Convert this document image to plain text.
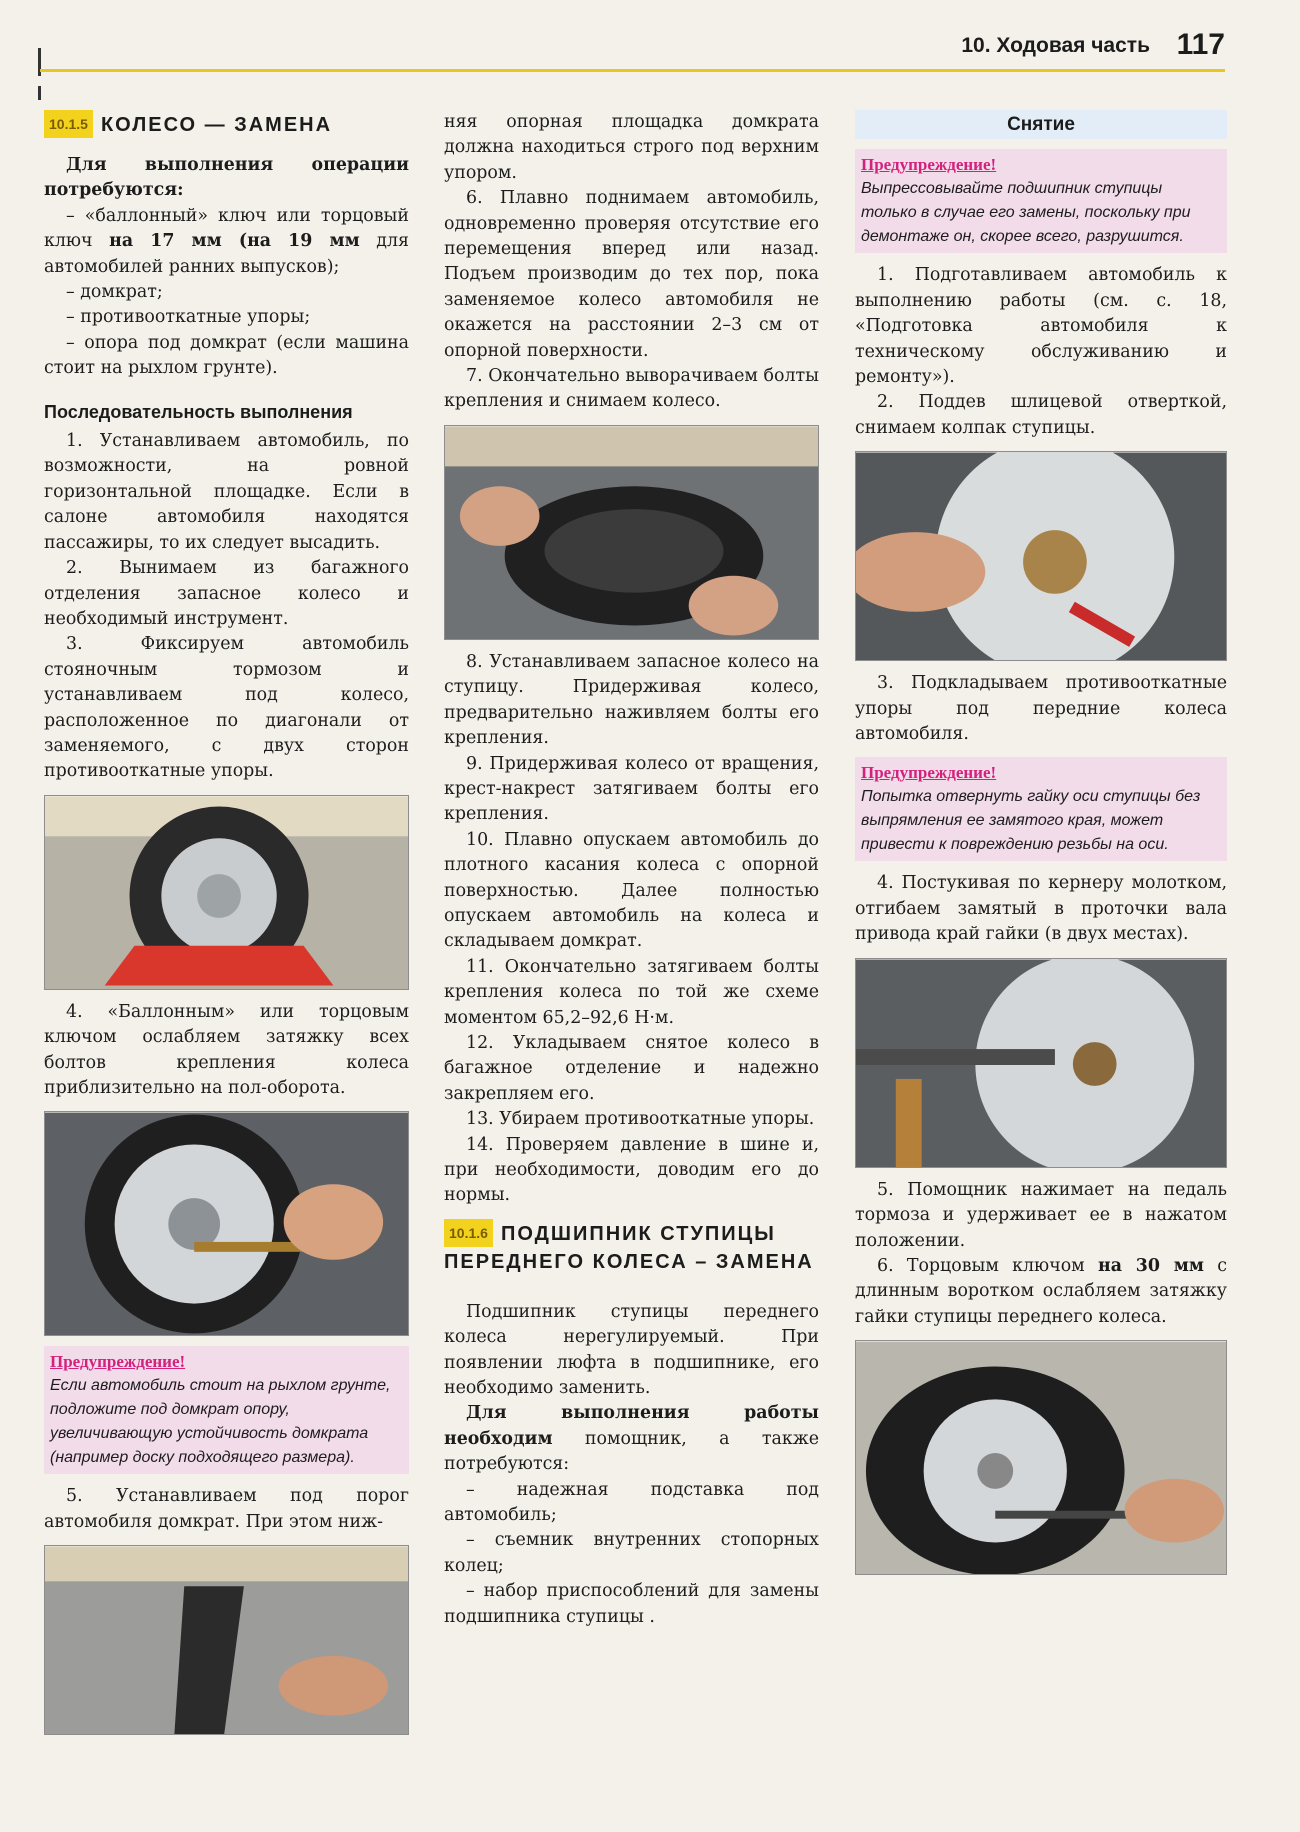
10. Ходовая часть 117
10.1.5 КОЛЕСО — ЗАМЕНА

Для выполнения операции потребуются:

– «баллонный» ключ или торцовый ключ на 17 мм (на 19 мм для автомобилей ранних выпусков);

– домкрат;

– противооткатные упоры;

– опора под домкрат (если машина стоит на рыхлом грунте).

Последовательность выполнения

1. Устанавливаем автомобиль, по возможности, на ровной горизонтальной площадке. Если в салоне автомобиля находятся пассажиры, то их следует высадить.

2. Вынимаем из багажного отделения запасное колесо и необходимый инструмент.

3. Фиксируем автомобиль стояночным тормозом и устанавливаем под колесо, расположенное по диагонали от заменяемого, с двух сторон противооткатные упоры.

4. «Баллонным» или торцовым ключом ослабляем затяжку всех болтов крепления колеса приблизительно на пол-оборота.

Предупреждение!
Если автомобиль стоит на рыхлом грунте, подложите под домкрат опору, увеличивающую устойчивость домкрата (например доску подходящего размера).

5. Устанавливаем под порог автомобиля домкрат. При этом ниж-

няя опорная площадка домкрата должна находиться строго под верхним упором.

6. Плавно поднимаем автомобиль, одновременно проверяя отсутствие его перемещения вперед или назад. Подъем производим до тех пор, пока заменяемое колесо автомобиля не окажется на расстоянии 2–3 см от опорной поверхности.

7. Окончательно выворачиваем болты крепления и снимаем колесо.

8. Устанавливаем запасное колесо на ступицу. Придерживая колесо, предварительно наживляем болты его крепления.

9. Придерживая колесо от вращения, крест-накрест затягиваем болты его крепления.

10. Плавно опускаем автомобиль до плотного касания колеса с опорной поверхностью. Далее полностью опускаем автомобиль на колеса и складываем домкрат.

11. Окончательно затягиваем болты крепления колеса по той же схеме моментом 65,2–92,6 Н·м.

12. Укладываем снятое колесо в багажное отделение и надежно закрепляем его.

13. Убираем противооткатные упоры.

14. Проверяем давление в шине и, при необходимости, доводим его до нормы.

10.1.6 ПОДШИПНИК СТУПИЦЫ ПЕРЕДНЕГО КОЛЕСА – ЗАМЕНА

Подшипник ступицы переднего колеса нерегулируемый. При появлении люфта в подшипнике, его необходимо заменить.

Для выполнения работы необходим помощник, а также потребуются:

– надежная подставка под автомобиль;

– съемник внутренних стопорных колец;

– набор приспособлений для замены подшипника ступицы .

Снятие
Предупреждение!
Выпрессовывайте подшипник ступицы только в случае его замены, поскольку при демонтаже он, скорее всего, разрушится.

1. Подготавливаем автомобиль к выполнению работы (см. с. 18, «Подготовка автомобиля к техническому обслуживанию и ремонту»).

2. Поддев шлицевой отверткой, снимаем колпак ступицы.

3. Подкладываем противооткатные упоры под передние колеса автомобиля.

Предупреждение!
Попытка отвернуть гайку оси ступицы без выпрямления ее замятого края, может привести к повреждению резьбы на оси.

4. Постукивая по кернеру молотком, отгибаем замятый в проточки вала привода край гайки (в двух местах).

5. Помощник нажимает на педаль тормоза и удерживает ее в нажатом положении.

6. Торцовым ключом на 30 мм с длинным воротком ослабляем затяжку гайки ступицы переднего колеса.
